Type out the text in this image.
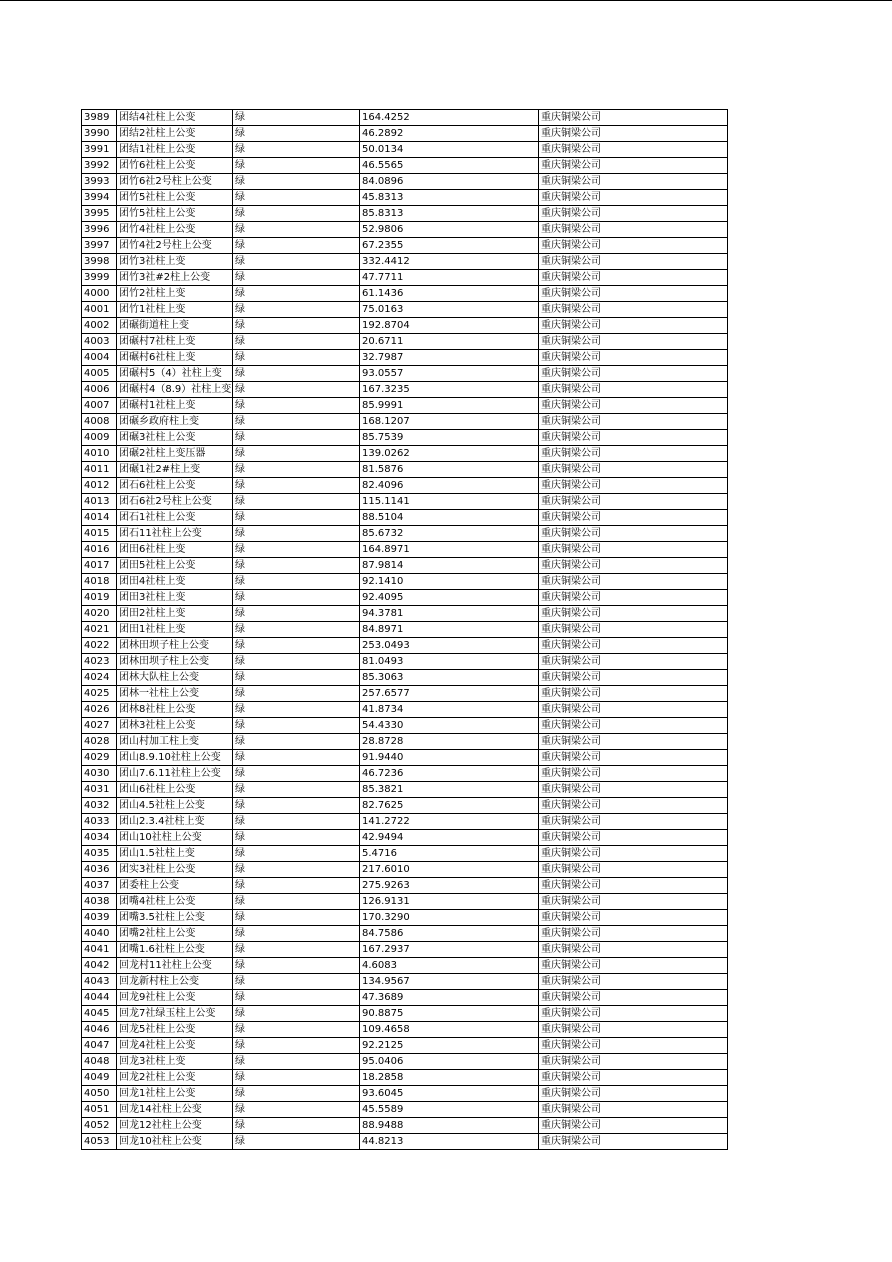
3989	团结4社柱上公变	绿	164.4252	重庆铜梁公司
3990	团结2社柱上公变	绿	46.2892	重庆铜梁公司
3991	团结1社柱上公变	绿	50.0134	重庆铜梁公司
3992	团竹6社柱上公变	绿	46.5565	重庆铜梁公司
3993	团竹6社2号柱上公变	绿	84.0896	重庆铜梁公司
3994	团竹5社柱上公变	绿	45.8313	重庆铜梁公司
3995	团竹5社柱上公变	绿	85.8313	重庆铜梁公司
3996	团竹4社柱上公变	绿	52.9806	重庆铜梁公司
3997	团竹4社2号柱上公变	绿	67.2355	重庆铜梁公司
3998	团竹3社柱上变	绿	332.4412	重庆铜梁公司
3999	团竹3社#2柱上公变	绿	47.7711	重庆铜梁公司
4000	团竹2社柱上变	绿	61.1436	重庆铜梁公司
4001	团竹1社柱上变	绿	75.0163	重庆铜梁公司
4002	团碾街道柱上变	绿	192.8704	重庆铜梁公司
4003	团碾村7社柱上变	绿	20.6711	重庆铜梁公司
4004	团碾村6社柱上变	绿	32.7987	重庆铜梁公司
4005	团碾村5（4）社柱上变	绿	93.0557	重庆铜梁公司
4006	团碾村4（8.9）社柱上变	绿	167.3235	重庆铜梁公司
4007	团碾村1社柱上变	绿	85.9991	重庆铜梁公司
4008	团碾乡政府柱上变	绿	168.1207	重庆铜梁公司
4009	团碾3社柱上公变	绿	85.7539	重庆铜梁公司
4010	团碾2社柱上变压器	绿	139.0262	重庆铜梁公司
4011	团碾1社2#柱上变	绿	81.5876	重庆铜梁公司
4012	团石6社柱上公变	绿	82.4096	重庆铜梁公司
4013	团石6社2号柱上公变	绿	115.1141	重庆铜梁公司
4014	团石1社柱上公变	绿	88.5104	重庆铜梁公司
4015	团石11社柱上公变	绿	85.6732	重庆铜梁公司
4016	团田6社柱上变	绿	164.8971	重庆铜梁公司
4017	团田5社柱上公变	绿	87.9814	重庆铜梁公司
4018	团田4社柱上变	绿	92.1410	重庆铜梁公司
4019	团田3社柱上变	绿	92.4095	重庆铜梁公司
4020	团田2社柱上变	绿	94.3781	重庆铜梁公司
4021	团田1社柱上变	绿	84.8971	重庆铜梁公司
4022	团林田坝子柱上公变	绿	253.0493	重庆铜梁公司
4023	团林田坝子柱上公变	绿	81.0493	重庆铜梁公司
4024	团林大队柱上公变	绿	85.3063	重庆铜梁公司
4025	团林一社柱上公变	绿	257.6577	重庆铜梁公司
4026	团林8社柱上公变	绿	41.8734	重庆铜梁公司
4027	团林3社柱上公变	绿	54.4330	重庆铜梁公司
4028	团山村加工柱上变	绿	28.8728	重庆铜梁公司
4029	团山8.9.10社柱上公变	绿	91.9440	重庆铜梁公司
4030	团山7.6.11社柱上公变	绿	46.7236	重庆铜梁公司
4031	团山6社柱上公变	绿	85.3821	重庆铜梁公司
4032	团山4.5社柱上公变	绿	82.7625	重庆铜梁公司
4033	团山2.3.4社柱上变	绿	141.2722	重庆铜梁公司
4034	团山10社柱上公变	绿	42.9494	重庆铜梁公司
4035	团山1.5社柱上变	绿	5.4716	重庆铜梁公司
4036	团实3社柱上公变	绿	217.6010	重庆铜梁公司
4037	团委柱上公变	绿	275.9263	重庆铜梁公司
4038	团嘴4社柱上公变	绿	126.9131	重庆铜梁公司
4039	团嘴3.5社柱上公变	绿	170.3290	重庆铜梁公司
4040	团嘴2社柱上公变	绿	84.7586	重庆铜梁公司
4041	团嘴1.6社柱上公变	绿	167.2937	重庆铜梁公司
4042	回龙村11社柱上公变	绿	4.6083	重庆铜梁公司
4043	回龙新村柱上公变	绿	134.9567	重庆铜梁公司
4044	回龙9社柱上公变	绿	47.3689	重庆铜梁公司
4045	回龙7社绿玉柱上公变	绿	90.8875	重庆铜梁公司
4046	回龙5社柱上公变	绿	109.4658	重庆铜梁公司
4047	回龙4社柱上公变	绿	92.2125	重庆铜梁公司
4048	回龙3社柱上变	绿	95.0406	重庆铜梁公司
4049	回龙2社柱上公变	绿	18.2858	重庆铜梁公司
4050	回龙1社柱上公变	绿	93.6045	重庆铜梁公司
4051	回龙14社柱上公变	绿	45.5589	重庆铜梁公司
4052	回龙12社柱上公变	绿	88.9488	重庆铜梁公司
4053	回龙10社柱上公变	绿	44.8213	重庆铜梁公司
